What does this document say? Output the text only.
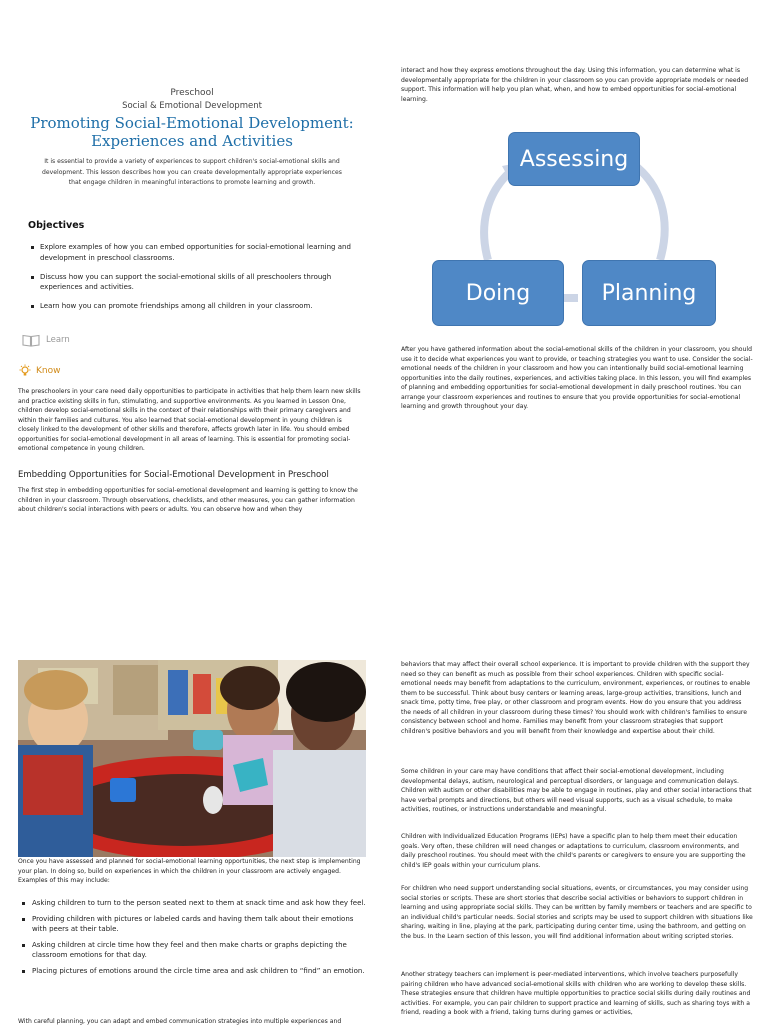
Preschool
Social & Emotional Development
Promoting Social-Emotional Development: Experiences and Activities

It is essential to provide a variety of experiences to support children's social-emotional skills and development. This lesson describes how you can create developmentally appropriate experiences that engage children in meaningful interactions to promote learning and growth.

Objectives
Explore examples of how you can embed opportunities for social-emotional learning and development in preschool classrooms.
Discuss how you can support the social-emotional skills of all preschoolers through experiences and activities.
Learn how you can promote friendships among all children in your classroom.
Learn
Know

The preschoolers in your care need daily opportunities to participate in activities that help them learn new skills and practice existing skills in fun, stimulating, and supportive environments. As you learned in Lesson One, children develop social-emotional skills in the context of their relationships with their primary caregivers and within their families and cultures. You also learned that social-emotional development in young children is closely linked to the development of other skills and therefore, affects growth later in life. You should embed opportunities for social-emotional development in all areas of learning. This is essential for promoting social-emotional competence in young children.

Embedding Opportunities for Social-Emotional Development in Preschool

The first step in embedding opportunities for social-emotional development and learning is getting to know the children in your classroom. Through observations, checklists, and other measures, you can gather information about children's social interactions with peers or adults. You can observe how and when they

interact and how they express emotions throughout the day. Using this information, you can determine what is developmentally appropriate for the children in your classroom so you can provide appropriate models or needed support. This information will help you plan what, when, and how to embed opportunities for social-emotional learning.

Assessing
Doing	Planning

After you have gathered information about the social-emotional skills of the children in your classroom, you should use it to decide what experiences you want to provide, or teaching strategies you want to use. Consider the social-emotional needs of the children in your classroom and how you can intentionally build social-emotional learning opportunities into the daily routines, experiences, and activities taking place. In this lesson, you will find examples of planning and embedding opportunities for social-emotional development in daily preschool routines. You can arrange your classroom experiences and routines to ensure that you provide opportunities for social-emotional learning and growth throughout your day.

Once you have assessed and planned for social-emotional learning opportunities, the next step is implementing your plan. In doing so, build on experiences in which the children in your classroom are actively engaged. Examples of this may include:

Asking children to turn to the person seated next to them at snack time and ask how they feel.
Providing children with pictures or labeled cards and having them talk about their emotions with peers at their table.
Asking children at circle time how they feel and then make charts or graphs depicting the classroom emotions for that day.
Placing pictures of emotions around the circle time area and ask children to “find” an emotion.

With careful planning, you can adapt and embed communication strategies into multiple experiences and

behaviors that may affect their overall school experience. It is important to provide children with the support they need so they can benefit as much as possible from their school experiences. Children with specific social-emotional needs may benefit from adaptations to the curriculum, environment, experiences, or routines to enable them to be successful. Think about busy centers or learning areas, large-group activities, transitions, lunch and snack time, potty time, free play, or other classroom and program events. How do you ensure that you address the needs of all children in your classroom during these times? You should work with children's families to ensure consistency between school and home. Families may benefit from your classroom strategies that support children's positive behaviors and you will benefit from their knowledge and expertise about their child.

Some children in your care may have conditions that affect their social-emotional development, including developmental delays, autism, neurological and perceptual disorders, or language and communication delays. Children with autism or other disabilities may be able to engage in routines, play and other social interactions that have verbal prompts and directions, but others will need visual supports, such as a visual schedule, to make activities, routines, or instructions understandable and meaningful.

Children with Individualized Education Programs (IEPs) have a specific plan to help them meet their education goals. Very often, these children will need changes or adaptations to curriculum, classroom environments, and daily preschool routines. You should meet with the child's parents or caregivers to ensure you are supporting the child's IEP goals within your curriculum plans.

For children who need support understanding social situations, events, or circumstances, you may consider using social stories or scripts. These are short stories that describe social activities or behaviors to support children in learning and using appropriate social skills. They can be written by family members or teachers and are specific to an individual child's particular needs. Social stories and scripts may be used to support children with situations like sharing, waiting in line, playing at the park, participating during center time, using the bathroom, and getting on the bus. In the Learn section of this lesson, you will find additional information about writing scripted stories.

Another strategy teachers can implement is peer-mediated interventions, which involve teachers purposefully pairing children who have advanced social-emotional skills with children who are working to develop these skills. These strategies ensure that children have multiple opportunities to practice social skills during daily routines and activities. For example, you can pair children to support practice and learning of skills, such as sharing toys with a friend, reading a book with a friend, taking turns during games or activities,
